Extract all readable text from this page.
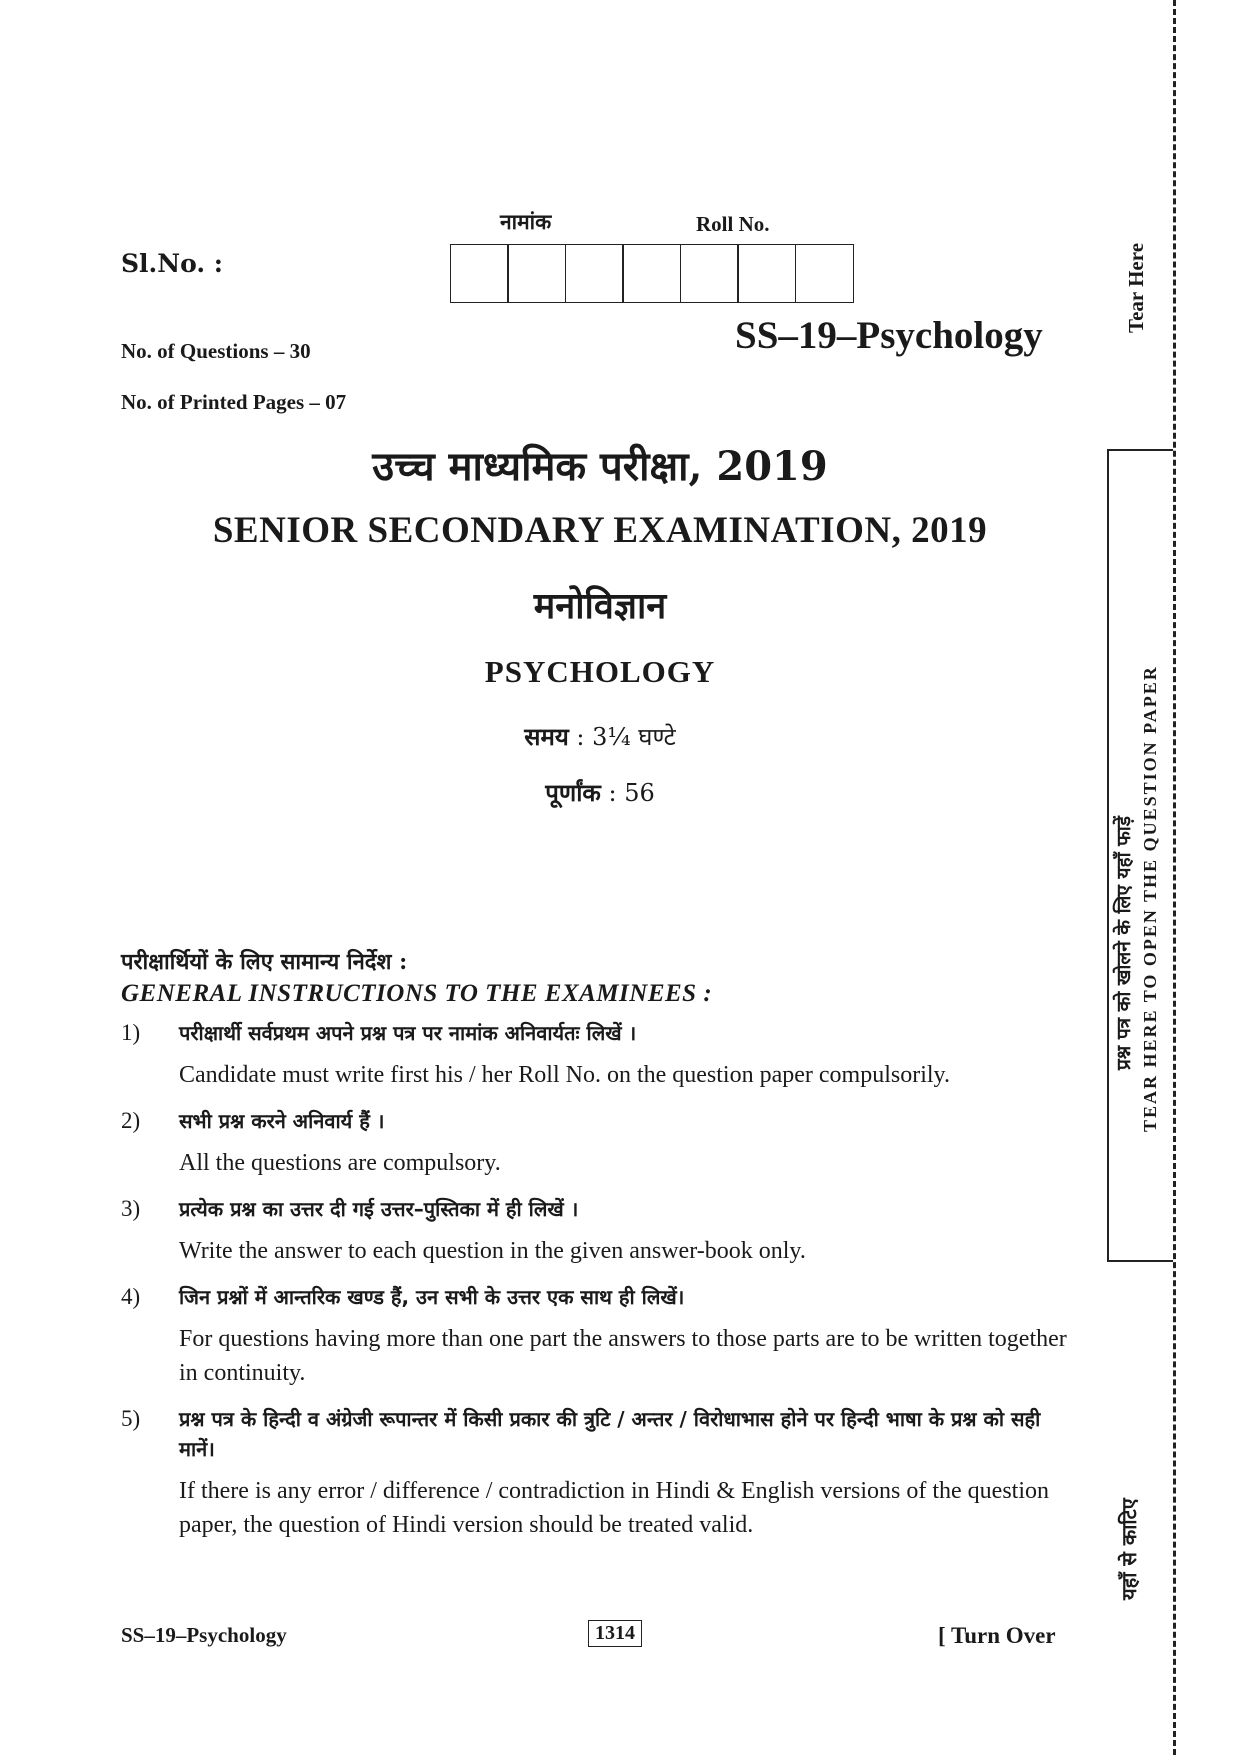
Sl.No. :
नामांक	Roll No.
SS–19–Psychology
No. of Questions – 30
No. of Printed Pages – 07
उच्च माध्यमिक परीक्षा, 2019
SENIOR SECONDARY EXAMINATION, 2019
मनोविज्ञान
PSYCHOLOGY
समय : 3¼ घण्टे
पूर्णांक : 56
परीक्षार्थियों के लिए सामान्य निर्देश :
GENERAL INSTRUCTIONS TO THE EXAMINEES :
1)	परीक्षार्थी सर्वप्रथम अपने प्रश्न पत्र पर नामांक अनिवार्यतः लिखें ।
Candidate must write first his / her Roll No. on the question paper compulsorily.
2)	सभी प्रश्न करने अनिवार्य हैं ।
All the questions are compulsory.
3)	प्रत्येक प्रश्न का उत्तर दी गई उत्तर–पुस्तिका में ही लिखें ।
Write the answer to each question in the given answer-book only.
4)	जिन प्रश्नों में आन्तरिक खण्ड हैं, उन सभी के उत्तर एक साथ ही लिखें।
For questions having more than one part the answers to those parts are to be written together in continuity.
5)	प्रश्न पत्र के हिन्दी व अंग्रेजी रूपान्तर में किसी प्रकार की त्रुटि / अन्तर / विरोधाभास होने पर हिन्दी भाषा के प्रश्न को सही मानें।
If there is any error / difference / contradiction in Hindi & English versions of the question paper, the question of Hindi version should be treated valid.
SS–19–Psychology	1314	[ Turn Over
Tear Here
प्रश्न पत्र को खोलने के लिए यहाँ फाड़ें TEAR HERE TO OPEN THE QUESTION PAPER
यहाँ से काटिए
